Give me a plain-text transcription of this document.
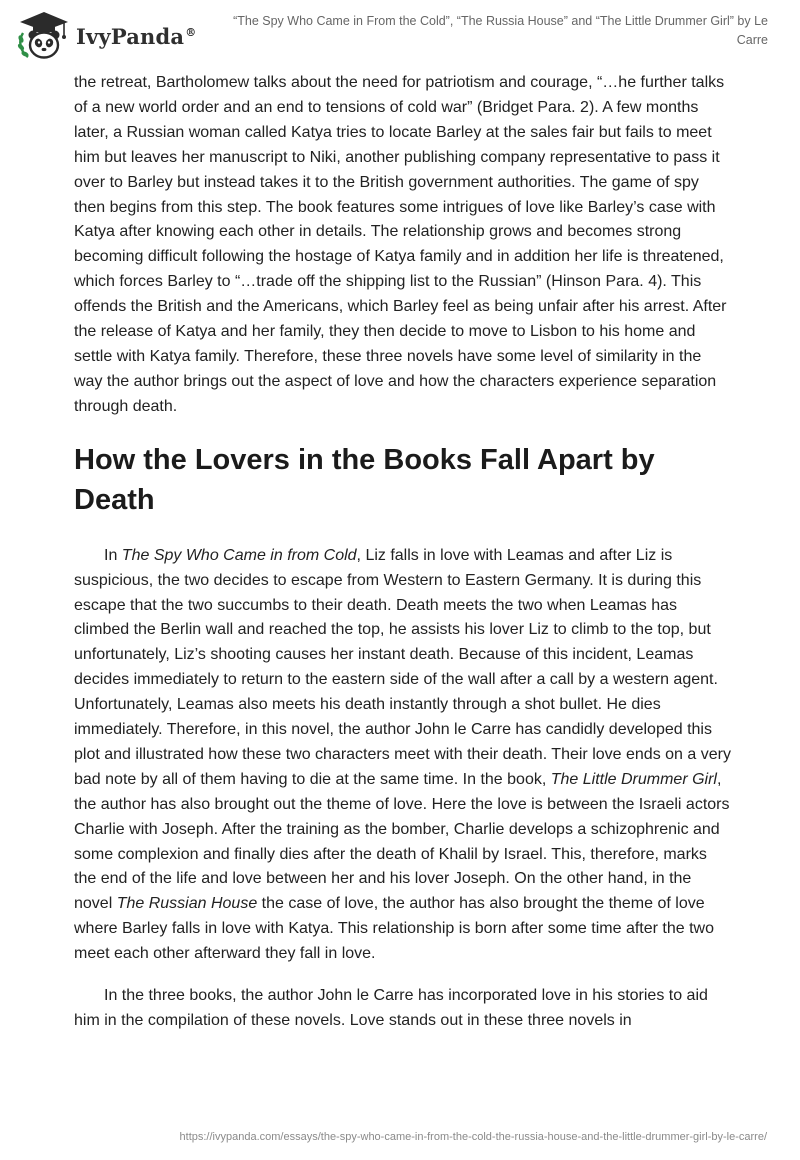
IvyPanda®
“The Spy Who Came in From the Cold”, “The Russia House” and “The Little Drummer Girl” by Le Carre

the retreat, Bartholomew talks about the need for patriotism and courage, “…he further talks of a new world order and an end to tensions of cold war” (Bridget Para. 2). A few months later, a Russian woman called Katya tries to locate Barley at the sales fair but fails to meet him but leaves her manuscript to Niki, another publishing company representative to pass it over to Barley but instead takes it to the British government authorities. The game of spy then begins from this step. The book features some intrigues of love like Barley’s case with Katya after knowing each other in details. The relationship grows and becomes strong becoming difficult following the hostage of Katya family and in addition her life is threatened, which forces Barley to “…trade off the shipping list to the Russian” (Hinson Para. 4). This offends the British and the Americans, which Barley feel as being unfair after his arrest. After the release of Katya and her family, they then decide to move to Lisbon to his home and settle with Katya family. Therefore, these three novels have some level of similarity in the way the author brings out the aspect of love and how the characters experience separation through death.

How the Lovers in the Books Fall Apart by Death

In The Spy Who Came in from Cold, Liz falls in love with Leamas and after Liz is suspicious, the two decides to escape from Western to Eastern Germany. It is during this escape that the two succumbs to their death. Death meets the two when Leamas has climbed the Berlin wall and reached the top, he assists his lover Liz to climb to the top, but unfortunately, Liz’s shooting causes her instant death. Because of this incident, Leamas decides immediately to return to the eastern side of the wall after a call by a western agent. Unfortunately, Leamas also meets his death instantly through a shot bullet. He dies immediately. Therefore, in this novel, the author John le Carre has candidly developed this plot and illustrated how these two characters meet with their death. Their love ends on a very bad note by all of them having to die at the same time. In the book, The Little Drummer Girl, the author has also brought out the theme of love. Here the love is between the Israeli actors Charlie with Joseph. After the training as the bomber, Charlie develops a schizophrenic and some complexion and finally dies after the death of Khalil by Israel. This, therefore, marks the end of the life and love between her and his lover Joseph. On the other hand, in the novel The Russian House the case of love, the author has also brought the theme of love where Barley falls in love with Katya. This relationship is born after some time after the two meet each other afterward they fall in love.

In the three books, the author John le Carre has incorporated love in his stories to aid him in the compilation of these novels. Love stands out in these three novels in

https://ivypanda.com/essays/the-spy-who-came-in-from-the-cold-the-russia-house-and-the-little-drummer-girl-by-le-carre/
